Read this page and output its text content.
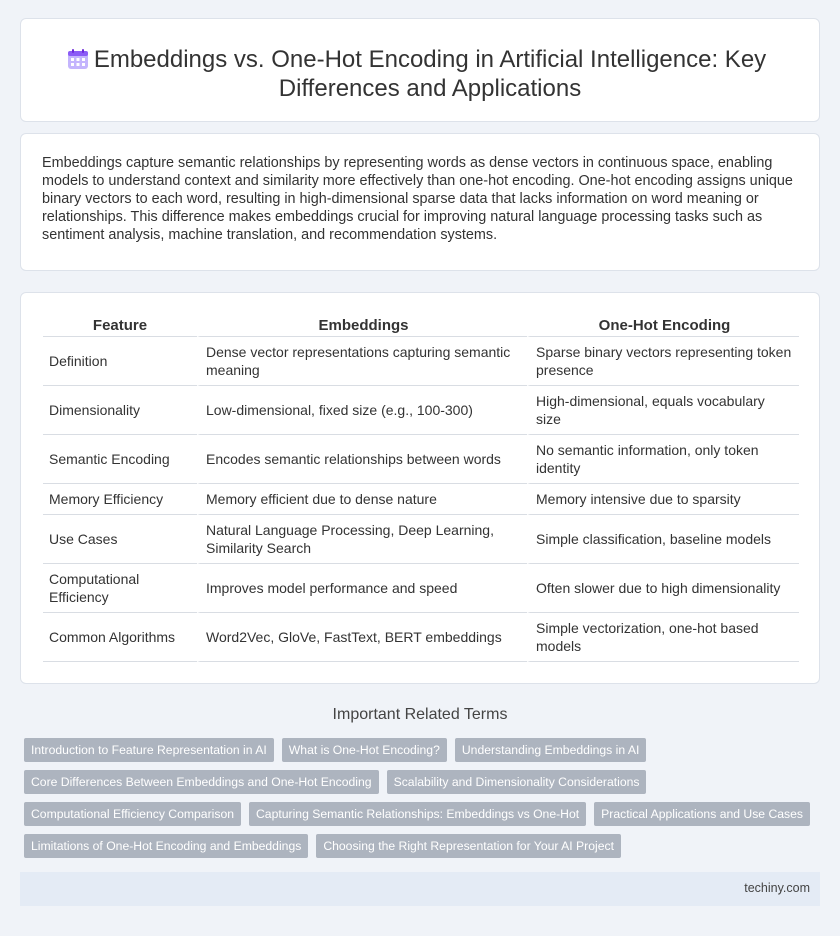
Embeddings vs. One-Hot Encoding in Artificial Intelligence: Key Differences and Applications

Embeddings capture semantic relationships by representing words as dense vectors in continuous space, enabling models to understand context and similarity more effectively than one-hot encoding. One-hot encoding assigns unique binary vectors to each word, resulting in high-dimensional sparse data that lacks information on word meaning or relationships. This difference makes embeddings crucial for improving natural language processing tasks such as sentiment analysis, machine translation, and recommendation systems.

Feature	Embeddings	One-Hot Encoding
Definition	Dense vector representations capturing semantic meaning	Sparse binary vectors representing token presence
Dimensionality	Low-dimensional, fixed size (e.g., 100-300)	High-dimensional, equals vocabulary size
Semantic Encoding	Encodes semantic relationships between words	No semantic information, only token identity
Memory Efficiency	Memory efficient due to dense nature	Memory intensive due to sparsity
Use Cases	Natural Language Processing, Deep Learning, Similarity Search	Simple classification, baseline models
Computational Efficiency	Improves model performance and speed	Often slower due to high dimensionality
Common Algorithms	Word2Vec, GloVe, FastText, BERT embeddings	Simple vectorization, one-hot based models
Important Related Terms
Introduction to Feature Representation in AI	What is One-Hot Encoding?	Understanding Embeddings in AI
Core Differences Between Embeddings and One-Hot Encoding	Scalability and Dimensionality Considerations
Computational Efficiency Comparison	Capturing Semantic Relationships: Embeddings vs One-Hot	Practical Applications and Use Cases
Limitations of One-Hot Encoding and Embeddings	Choosing the Right Representation for Your AI Project
techiny.com
